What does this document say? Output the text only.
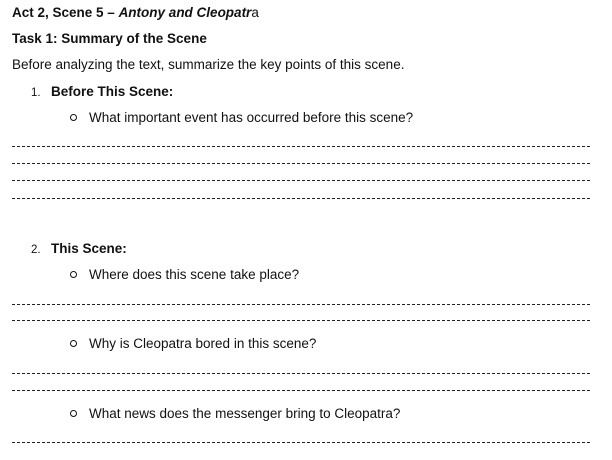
Act 2, Scene 5 – Antony and Cleopatra
Task 1: Summary of the Scene
Before analyzing the text, summarize the key points of this scene.
1. Before This Scene:
What important event has occurred before this scene?
2. This Scene:
Where does this scene take place?
Why is Cleopatra bored in this scene?
What news does the messenger bring to Cleopatra?
